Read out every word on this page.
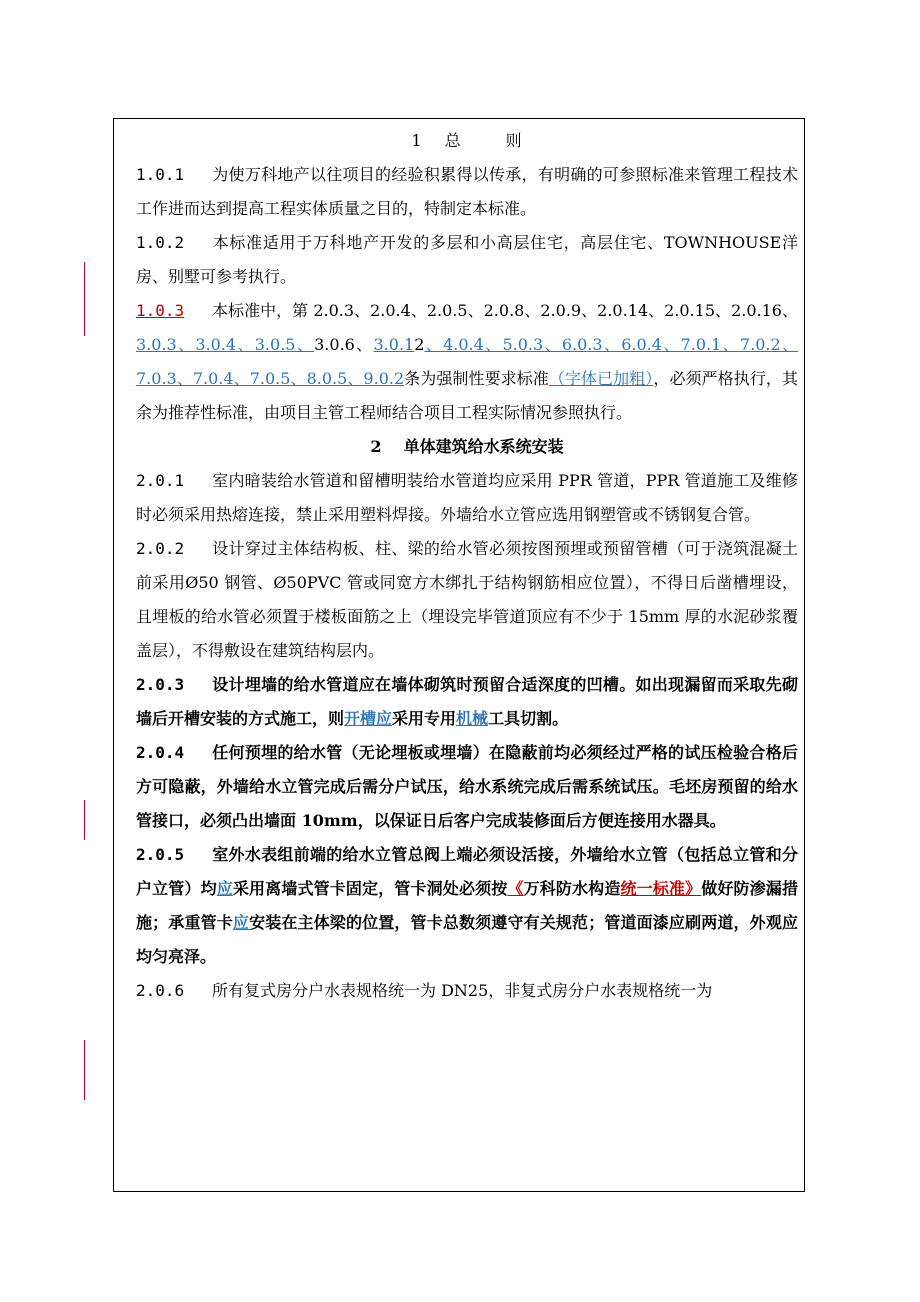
1 总	则

1.0.1 为使万科地产以往项目的经验积累得以传承，有明确的可参照标准来管理工程技术工作进而达到提高工程实体质量之目的，特制定本标准。

1.0.2 本标准适用于万科地产开发的多层和小高层住宅，高层住宅、TOWNHOUSE洋房、别墅可参考执行。

1.0.3 本标准中，第 2.0.3、2.0.4、2.0.5、2.0.8、2.0.9、2.0.14、2.0.15、2.0.16、3.0.3、3.0.4、3.0.5、3.0.6、3.0.12、4.0.4、5.0.3、6.0.3、6.0.4、7.0.1、7.0.2、7.0.3、7.0.4、7.0.5、8.0.5、9.0.2条为强制性要求标准（字体已加粗），必须严格执行，其余为推荐性标准，由项目主管工程师结合项目工程实际情况参照执行。

2 单体建筑给水系统安装

2.0.1 室内暗装给水管道和留槽明装给水管道均应采用 PPR 管道，PPR 管道施工及维修时必须采用热熔连接，禁止采用塑料焊接。外墙给水立管应选用钢塑管或不锈钢复合管。

2.0.2 设计穿过主体结构板、柱、梁的给水管必须按图预埋或预留管槽（可于浇筑混凝土前采用Ø50 钢管、Ø50PVC 管或同宽方木绑扎于结构钢筋相应位置），不得日后凿槽埋设，且埋板的给水管必须置于楼板面筋之上（埋设完毕管道顶应有不少于 15mm 厚的水泥砂浆覆盖层），不得敷设在建筑结构层内。

2.0.3 设计埋墙的给水管道应在墙体砌筑时预留合适深度的凹槽。如出现漏留而采取先砌墙后开槽安装的方式施工，则开槽应采用专用机械工具切割。

2.0.4 任何预埋的给水管（无论埋板或埋墙）在隐蔽前均必须经过严格的试压检验合格后方可隐蔽，外墙给水立管完成后需分户试压，给水系统完成后需系统试压。毛坯房预留的给水管接口，必须凸出墙面 10mm，以保证日后客户完成装修面后方便连接用水器具。

2.0.5 室外水表组前端的给水立管总阀上端必须设活接，外墙给水立管（包括总立管和分户立管）均应采用离墙式管卡固定，管卡洞处必须按《万科防水构造统一标准》做好防渗漏措施；承重管卡应安装在主体梁的位置，管卡总数须遵守有关规范；管道面漆应刷两道，外观应均匀亮泽。

2.0.6 所有复式房分户水表规格统一为 DN25，非复式房分户水表规格统一为
